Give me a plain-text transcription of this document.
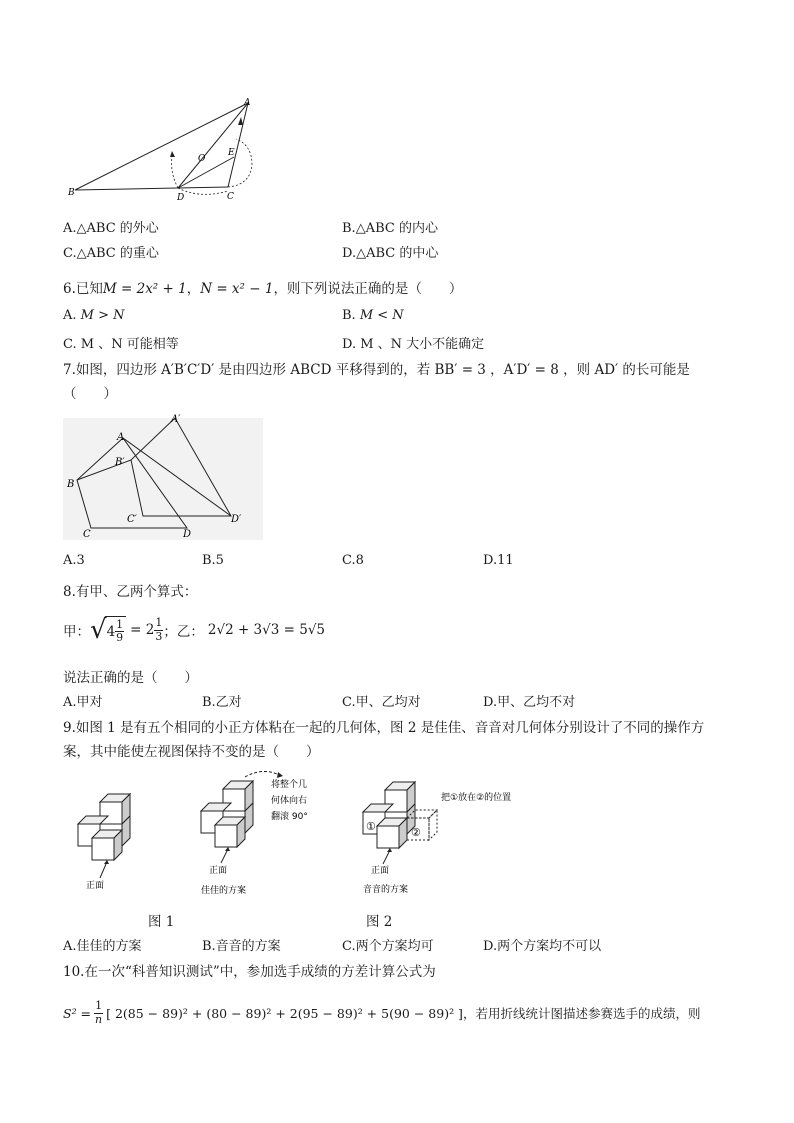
A
B	C
D
E
O
A.△ABC 的外心	B.△ABC 的内心
C.△ABC 的重心	D.△ABC 的中心
6.已知M = 2x² + 1，N = x² − 1，则下列说法正确的是（　　）
A. M > N	B. M < N
C. M 、N 可能相等	D. M 、N 大小不能确定
7.如图，四边形 A′B′C′D′ 是由四边形 ABCD 平移得到的，若 BB′ = 3 ，A′D′ = 8 ，则 AD′ 的长可能是
（　　）
A
A′
B
B′
C
C′
D
D′
A.3	B.5	C.8	D.11
8.有甲、乙两个算式：
甲： √ $4 \frac{1}{9} = 2 \frac{1}{3}$ ；乙： 2√2 + 3√3 = 5√5
说法正确的是（　　）
A.甲对	B.乙对	C.甲、乙均对	D.甲、乙均不对
9.如图 1 是有五个相同的小正方体粘在一起的几何体，图 2 是佳佳、音音对几何体分别设计了不同的操作方
案，其中能使左视图保持不变的是（　　）
正面
将整个几
何体向右
翻滚 90°
正面
佳佳的方案
①	②
把①放在②的位置
正面
音音的方案
图 1	图 2
A.佳佳的方案	B.音音的方案	C.两个方案均可	D.两个方案均不可以
10.在一次“科普知识测试”中，参加选手成绩的方差计算公式为
$S^2 = \frac{1}{n}$ [ 2(85 − 89)² + (80 − 89)² + 2(95 − 89)² + 5(90 − 89)² ] ，若用折线统计图描述参赛选手的成绩，则
